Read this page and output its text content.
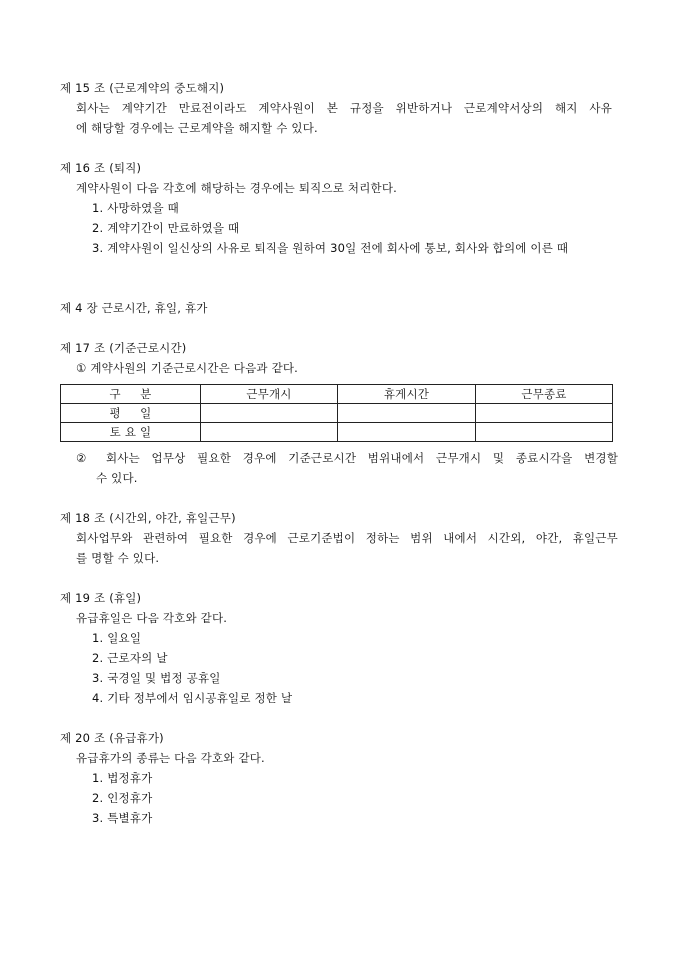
제 15 조 (근로계약의 중도해지)
회사는 계약기간 만료전이라도 계약사원이 본 규정을 위반하거나 근로계약서상의 해지 사유
에 해당할 경우에는 근로계약을 해지할 수 있다.
제 16 조 (퇴직)
계약사원이 다음 각호에 해당하는 경우에는 퇴직으로 처리한다.
1. 사망하였을 때
2. 계약기간이 만료하였을 때
3. 계약사원이 일신상의 사유로 퇴직을 원하여 30일 전에 회사에 통보, 회사와 합의에 이른 때
제 4 장 근로시간, 휴일, 휴가
제 17 조 (기준근로시간)
① 계약사원의 기준근로시간은 다음과 같다.
구     분	근무개시	휴게시간	근무종료
평     일			
토 요 일			
② 회사는 업무상 필요한 경우에 기준근로시간 범위내에서 근무개시 및 종료시각을 변경할
수 있다.
제 18 조 (시간외, 야간, 휴일근무)
회사업무와 관련하여 필요한 경우에 근로기준법이 정하는 범위 내에서 시간외, 야간, 휴일근무
를 명할 수 있다.
제 19 조 (휴일)
유급휴일은 다음 각호와 같다.
1. 일요일
2. 근로자의 날
3. 국경일 및 법정 공휴일
4. 기타 정부에서 임시공휴일로 정한 날
제 20 조 (유급휴가)
유급휴가의 종류는 다음 각호와 같다.
1. 법정휴가
2. 인정휴가
3. 특별휴가
